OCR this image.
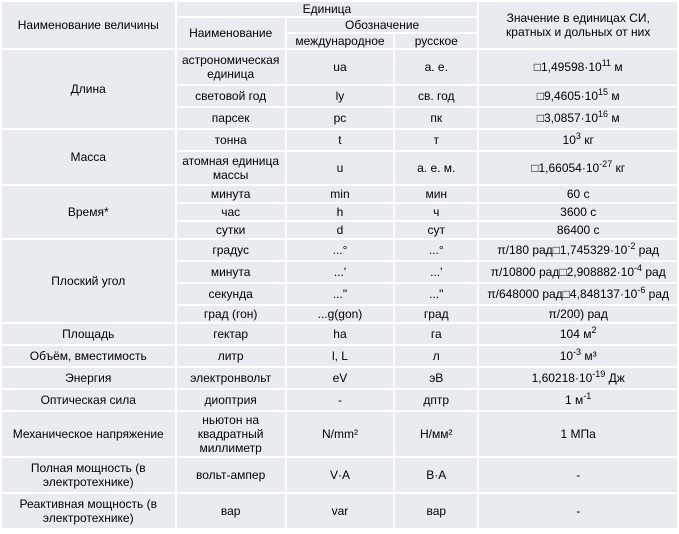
Наименование величины	Единица			Значение в единицах СИ,
кратных и дольных от них
	Наименование	Обозначение		
		международное	русское	
Длина	астрономическая единица	ua	а. е.	$□1,49598\cdot 10^{11}$ м
	световой год	ly	св. год	$□9,4605\cdot 10^{15}$ м
	парсек	pc	пк	$□3,0857\cdot 10^{16}$ м
Масса	тонна	t	т	$10^3$ кг
	атомная единица массы	u	а. е. м.	$□1,66054\cdot 10^{-27}$ кг
Время*	минута	min	мин	60 с
	час	h	ч	3600 с
	сутки	d	сут	86400 с
Плоский угол	градус	...°	...°	π/180 $рад□1,745329\cdot 10^{-2}$ рад
	минута	...'	...'	π/10800 $рад□2,908882\cdot 10^{-4}$ рад
	секунда	..."	..."	π/648000 $рад□4,848137\cdot 10^{-6}$ рад
	град (гон)	...g(gon)	град	π/200) рад
Площадь	гектар	ha	га	104 $м^2$
Объём, вместимость	литр	l, L	л	$10^{-3}$ м³
Энергия	электронвольт	eV	эВ	$1,60218\cdot 10^{-19}$ Дж
Оптическая сила	диоптрия	-	дптр	1 $м^{-1}$
Механическое напряжение	ньютон на квадратный миллиметр	N/mm²	Н/мм²	1 МПа
Полная мощность (в электротехнике)	вольт-ампер	V·A	В·А	-
Реактивная мощность (в электротехнике)	вар	var	вар	-
